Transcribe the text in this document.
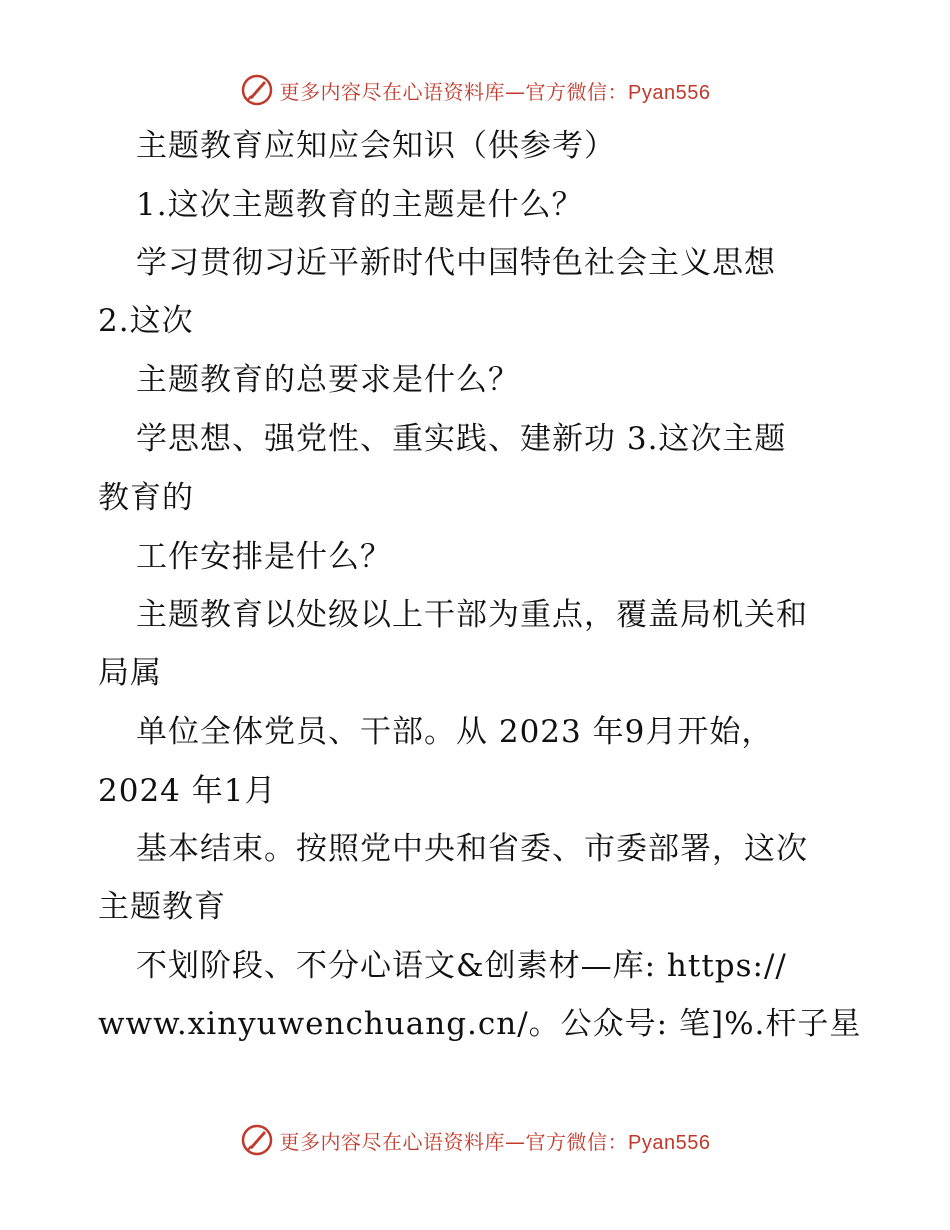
更多内容尽在心语资料库—官方微信：Pyan556
主题教育应知应会知识（供参考）
1.这次主题教育的主题是什么？
学习贯彻习近平新时代中国特色社会主义思想
2.这次
主题教育的总要求是什么？
学思想、强党性、重实践、建新功 3.这次主题
教育的
工作安排是什么？
主题教育以处级以上干部为重点，覆盖局机关和
局属
单位全体党员、干部。从 2023 年9月开始，
2024 年1月
基本结束。按照党中央和省委、市委部署，这次
主题教育
不划阶段、不分心语文&创素材—库: https://
www.xinyuwenchuang.cn/。公众号: 笔]%.杆子星
更多内容尽在心语资料库—官方微信：Pyan556
